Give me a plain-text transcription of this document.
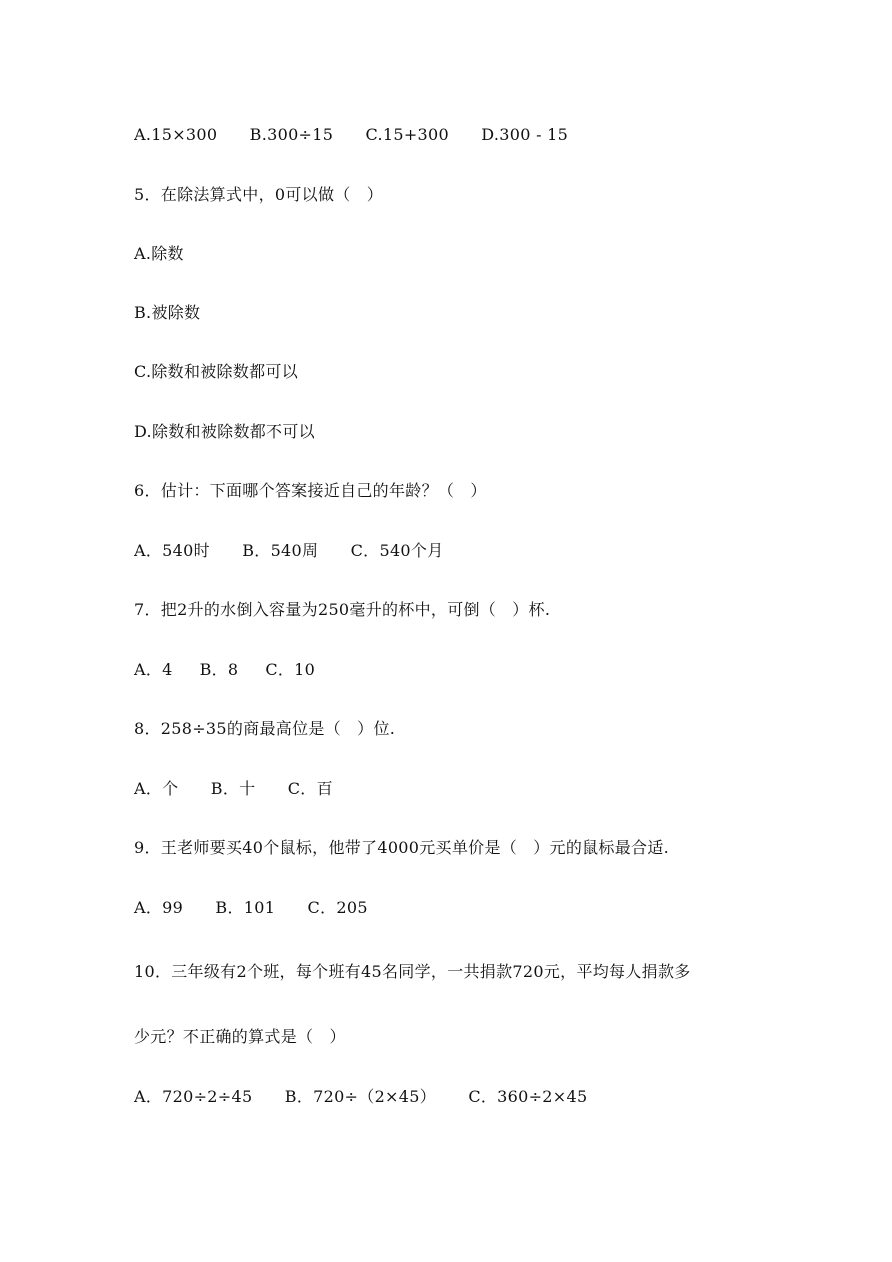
A.15×300      B.300÷15      C.15+300      D.300 - 15
5．在除法算式中，0可以做（   ）
A.除数
B.被除数
C.除数和被除数都可以
D.除数和被除数都不可以
6．估计：下面哪个答案接近自己的年龄？（   ）
A．540时      B．540周      C．540个月
7．把2升的水倒入容量为250毫升的杯中，可倒（   ）杯.
A．4     B．8     C．10
8．258÷35的商最高位是（   ）位.
A．个      B．十      C．百
9．王老师要买40个鼠标，他带了4000元买单价是（   ）元的鼠标最合适.
A．99      B．101      C．205
10．三年级有2个班，每个班有45名同学，一共捐款720元，平均每人捐款多
少元？不正确的算式是（   ）
A．720÷2÷45      B．720÷（2×45）      C．360÷2×45
